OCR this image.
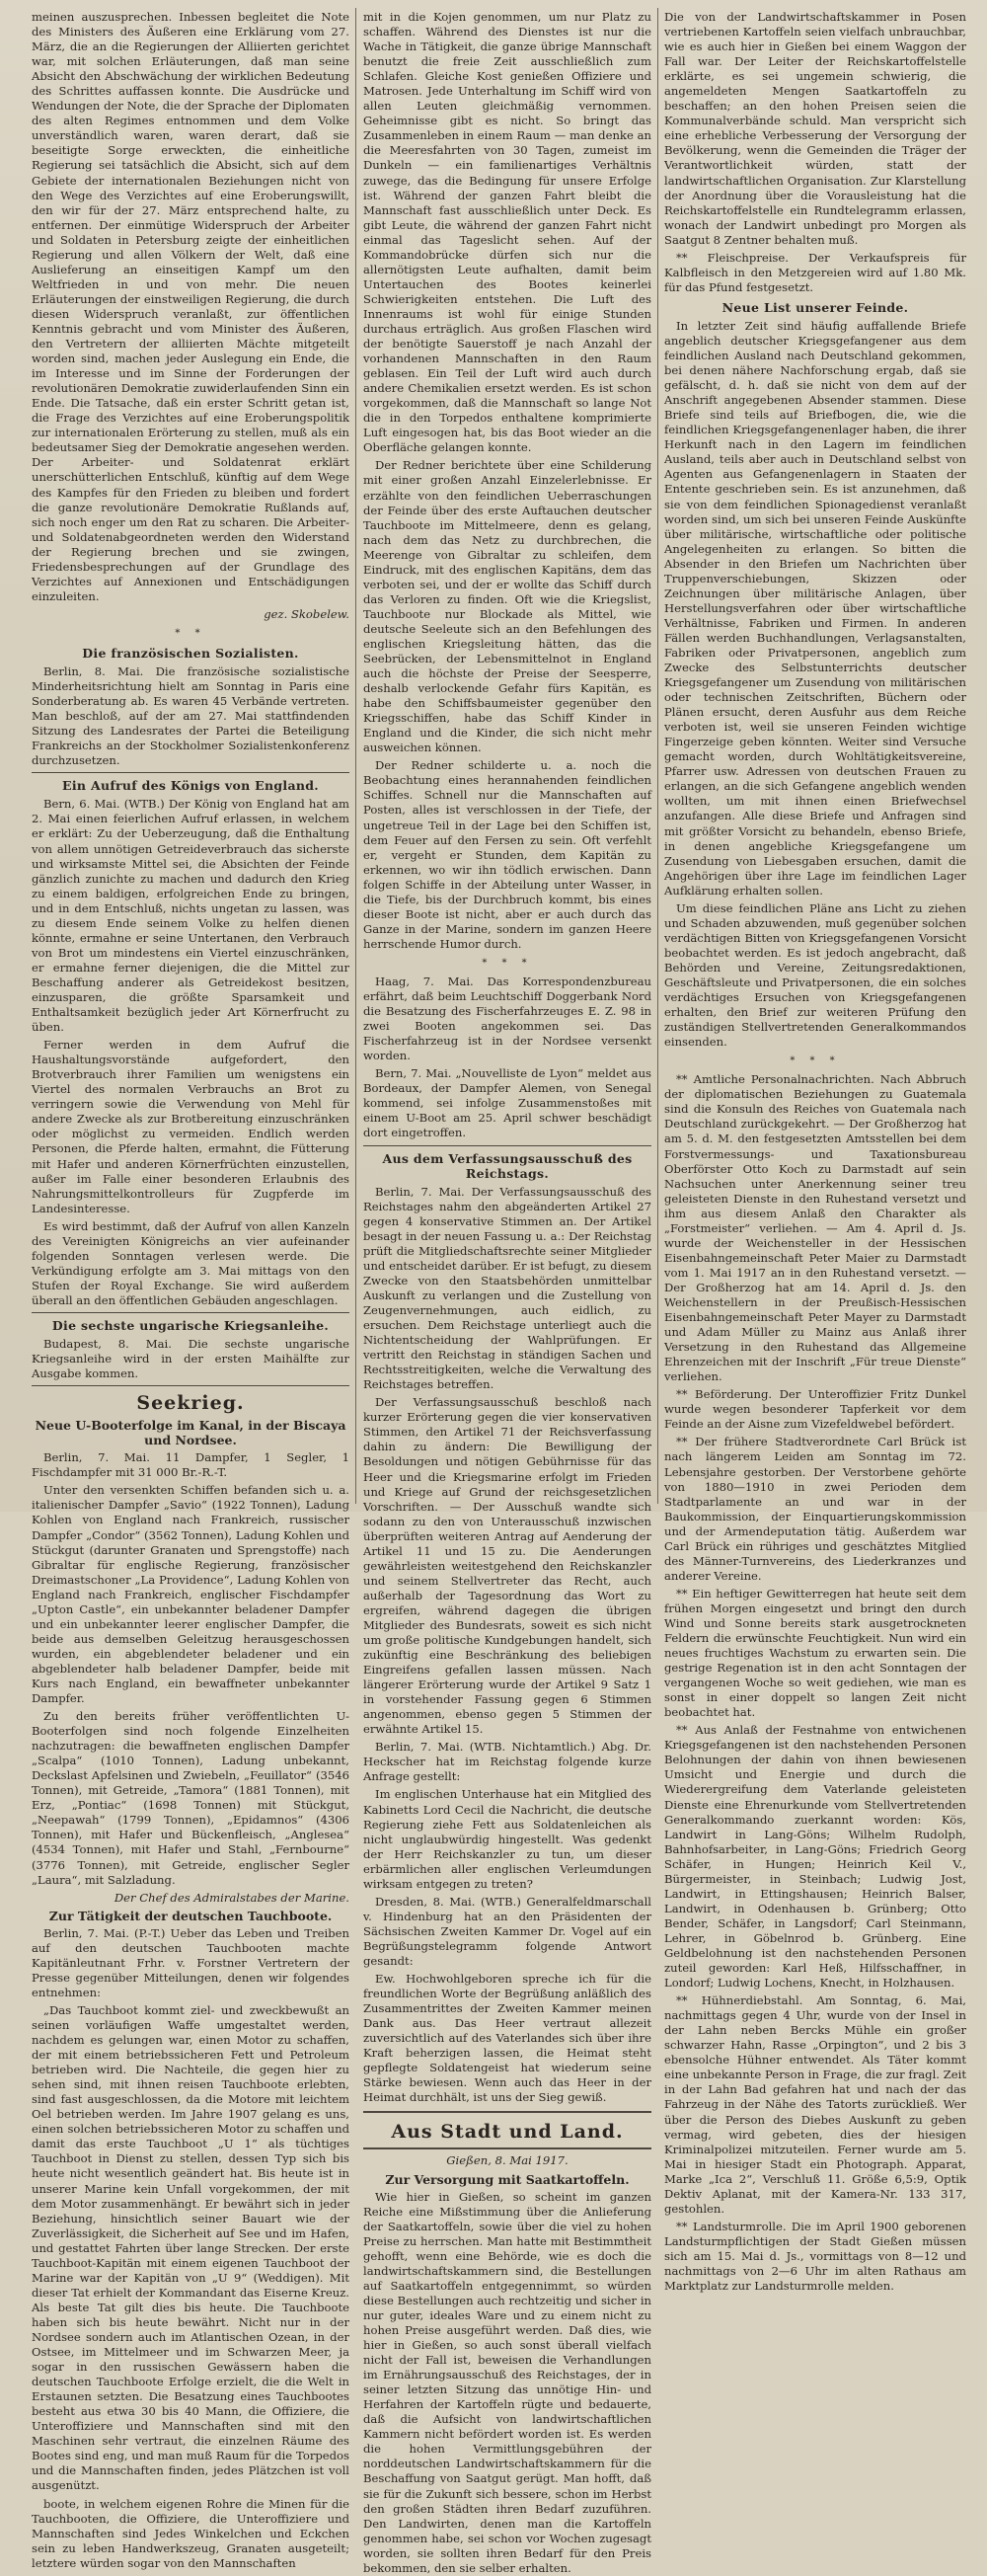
meinen auszusprechen. Inbessen begleitet die Note des Ministers des Äußeren eine Erklärung vom 27. März, die an die Regierungen der Alliierten gerichtet war, mit solchen Erläuterungen, daß man seine Absicht den Abschwächung der wirklichen Bedeutung des Schrittes auffassen konnte. Die Ausdrücke und Wendungen der Note, die der Sprache der Diplomaten des alten Regimes entnommen und dem Volke unverständlich waren, waren derart, daß sie beseitigte Sorge erweckten, die einheitliche Regierung sei tatsächlich die Absicht, sich auf dem Gebiete der internationalen Beziehungen nicht von den Wege des Verzichtes auf eine Eroberungswillt, den wir für der 27. März entsprechend halte, zu entfernen. Der einmütige Widerspruch der Arbeiter und Soldaten in Petersburg zeigte der einheitlichen Regierung und allen Völkern der Welt, daß eine Auslieferung an einseitigen Kampf um den Weltfrieden in und von mehr. Die neuen Erläuterungen der einstweiligen Regierung, die durch diesen Widerspruch veranlaßt, zur öffentlichen Kenntnis gebracht und vom Minister des Äußeren, den Vertretern der alliierten Mächte mitgeteilt worden sind, machen jeder Auslegung ein Ende, die im Interesse und im Sinne der Forderungen der revolutionären Demokratie zuwiderlaufenden Sinn ein Ende. Die Tatsache, daß ein erster Schritt getan ist, die Frage des Verzichtes auf eine Eroberungspolitik zur internationalen Erörterung zu stellen, muß als ein bedeutsamer Sieg der Demokratie angesehen werden. Der Arbeiter- und Soldatenrat erklärt unerschütterlichen Entschluß, künftig auf dem Wege des Kampfes für den Frieden zu bleiben und fordert die ganze revolutionäre Demokratie Rußlands auf, sich noch enger um den Rat zu scharen. Die Arbeiter- und Soldatenabgeordneten werden den Widerstand der Regierung brechen und sie zwingen, Friedensbesprechungen auf der Grundlage des Verzichtes auf Annexionen und Entschädigungen einzuleiten.

gez. Skobelew.
* *
Die französischen Sozialisten.

Berlin, 8. Mai. Die französische sozialistische Minderheitsrichtung hielt am Sonntag in Paris eine Sonderberatung ab. Es waren 45 Verbände vertreten. Man beschloß, auf der am 27. Mai stattfindenden Sitzung des Landesrates der Partei die Beteiligung Frankreichs an der Stockholmer Sozialistenkonferenz durchzusetzen.

Ein Aufruf des Königs von England.

Bern, 6. Mai. (WTB.) Der König von England hat am 2. Mai einen feierlichen Aufruf erlassen, in welchem er erklärt: Zu der Ueberzeugung, daß die Enthaltung von allem unnötigen Getreideverbrauch das sicherste und wirksamste Mittel sei, die Absichten der Feinde gänzlich zunichte zu machen und dadurch den Krieg zu einem baldigen, erfolgreichen Ende zu bringen, und in dem Entschluß, nichts ungetan zu lassen, was zu diesem Ende seinem Volke zu helfen dienen könnte, ermahne er seine Untertanen, den Verbrauch von Brot um mindestens ein Viertel einzuschränken, er ermahne ferner diejenigen, die die Mittel zur Beschaffung anderer als Getreidekost besitzen, einzusparen, die größte Sparsamkeit und Enthaltsamkeit bezüglich jeder Art Körnerfrucht zu üben.

Ferner werden in dem Aufruf die Haushaltungsvorstände aufgefordert, den Brotverbrauch ihrer Familien um wenigstens ein Viertel des normalen Verbrauchs an Brot zu verringern sowie die Verwendung von Mehl für andere Zwecke als zur Brotbereitung einzuschränken oder möglichst zu vermeiden. Endlich werden Personen, die Pferde halten, ermahnt, die Fütterung mit Hafer und anderen Körnerfrüchten einzustellen, außer im Falle einer besonderen Erlaubnis des Nahrungsmittelkontrolleurs für Zugpferde im Landesinteresse.

Es wird bestimmt, daß der Aufruf von allen Kanzeln des Vereinigten Königreichs an vier aufeinander folgenden Sonntagen verlesen werde. Die Verkündigung erfolgte am 3. Mai mittags von den Stufen der Royal Exchange. Sie wird außerdem überall an den öffentlichen Gebäuden angeschlagen.

Die sechste ungarische Kriegsanleihe.

Budapest, 8. Mai. Die sechste ungarische Kriegsanleihe wird in der ersten Maihälfte zur Ausgabe kommen.

Seekrieg.
Neue U-Booterfolge im Kanal, in der Biscaya und Nordsee.

Berlin, 7. Mai. 11 Dampfer, 1 Segler, 1 Fischdampfer mit 31 000 Br.-R.-T.

Unter den versenkten Schiffen befanden sich u. a. italienischer Dampfer „Savio“ (1922 Tonnen), Ladung Kohlen von England nach Frankreich, russischer Dampfer „Condor“ (3562 Tonnen), Ladung Kohlen und Stückgut (darunter Granaten und Sprengstoffe) nach Gibraltar für englische Regierung, französischer Dreimastschoner „La Providence“, Ladung Kohlen von England nach Frankreich, englischer Fischdampfer „Upton Castle“, ein unbekannter beladener Dampfer und ein unbekannter leerer englischer Dampfer, die beide aus demselben Geleitzug herausgeschossen wurden, ein abgeblendeter beladener und ein abgeblendeter halb beladener Dampfer, beide mit Kurs nach England, ein bewaffneter unbekannter Dampfer.

Zu den bereits früher veröffentlichten U-Booterfolgen sind noch folgende Einzelheiten nachzutragen: die bewaffneten englischen Dampfer „Scalpa“ (1010 Tonnen), Ladung unbekannt, Deckslast Apfelsinen und Zwiebeln, „Feuillator“ (3546 Tonnen), mit Getreide, „Tamora“ (1881 Tonnen), mit Erz, „Pontiac“ (1698 Tonnen) mit Stückgut, „Neepawah“ (1799 Tonnen), „Epidamnos“ (4306 Tonnen), mit Hafer und Bückenfleisch, „Anglesea“ (4534 Tonnen), mit Hafer und Stahl, „Fernbourne“ (3776 Tonnen), mit Getreide, englischer Segler „Laura“, mit Salzladung.

Der Chef des Admiralstabes der Marine.
Zur Tätigkeit der deutschen Tauchboote.

Berlin, 7. Mai. (P.-T.) Ueber das Leben und Treiben auf den deutschen Tauchbooten machte Kapitänleutnant Frhr. v. Forstner Vertretern der Presse gegenüber Mitteilungen, denen wir folgendes entnehmen:

„Das Tauchboot kommt ziel- und zweckbewußt an seinen vorläufigen Waffe umgestaltet werden, nachdem es gelungen war, einen Motor zu schaffen, der mit einem betriebssicheren Fett und Petroleum betrieben wird. Die Nachteile, die gegen hier zu sehen sind, mit ihnen reisen Tauchboote erlebten, sind fast ausgeschlossen, da die Motore mit leichtem Oel betrieben werden. Im Jahre 1907 gelang es uns, einen solchen betriebssicheren Motor zu schaffen und damit das erste Tauchboot „U 1“ als tüchtiges Tauchboot in Dienst zu stellen, dessen Typ sich bis heute nicht wesentlich geändert hat. Bis heute ist in unserer Marine kein Unfall vorgekommen, der mit dem Motor zusammenhängt. Er bewährt sich in jeder Beziehung, hinsichtlich seiner Bauart wie der Zuverlässigkeit, die Sicherheit auf See und im Hafen, und gestattet Fahrten über lange Strecken. Der erste Tauchboot-Kapitän mit einem eigenen Tauchboot der Marine war der Kapitän von „U 9“ (Weddigen). Mit dieser Tat erhielt der Kommandant das Eiserne Kreuz. Als beste Tat gilt dies bis heute. Die Tauchboote haben sich bis heute bewährt. Nicht nur in der Nordsee sondern auch im Atlantischen Ozean, in der Ostsee, im Mittelmeer und im Schwarzen Meer, ja sogar in den russischen Gewässern haben die deutschen Tauchboote Erfolge erzielt, die die Welt in Erstaunen setzten. Die Besatzung eines Tauchbootes besteht aus etwa 30 bis 40 Mann, die Offiziere, die Unteroffiziere und Mannschaften sind mit den Maschinen sehr vertraut, die einzelnen Räume des Bootes sind eng, und man muß Raum für die Torpedos und die Mannschaften finden, jedes Plätzchen ist voll ausgenützt.

boote, in welchem eigenen Rohre die Minen für die Tauchbooten, die Offiziere, die Unteroffiziere und Mannschaften sind Jedes Winkelchen und Eckchen sein zu leben Handwerkszeug, Granaten ausgeteilt; letztere würden sogar von den Mannschaften

mit in die Kojen genommen, um nur Platz zu schaffen. Während des Dienstes ist nur die Wache in Tätigkeit, die ganze übrige Mannschaft benutzt die freie Zeit ausschließlich zum Schlafen. Gleiche Kost genießen Offiziere und Matrosen. Jede Unterhaltung im Schiff wird von allen Leuten gleichmäßig vernommen. Geheimnisse gibt es nicht. So bringt das Zusammenleben in einem Raum — man denke an die Meeresfahrten von 30 Tagen, zumeist im Dunkeln — ein familienartiges Verhältnis zuwege, das die Bedingung für unsere Erfolge ist. Während der ganzen Fahrt bleibt die Mannschaft fast ausschließlich unter Deck. Es gibt Leute, die während der ganzen Fahrt nicht einmal das Tageslicht sehen. Auf der Kommandobrücke dürfen sich nur die allernötigsten Leute aufhalten, damit beim Untertauchen des Bootes keinerlei Schwierigkeiten entstehen. Die Luft des Innenraums ist wohl für einige Stunden durchaus erträglich. Aus großen Flaschen wird der benötigte Sauerstoff je nach Anzahl der vorhandenen Mannschaften in den Raum geblasen. Ein Teil der Luft wird auch durch andere Chemikalien ersetzt werden. Es ist schon vorgekommen, daß die Mannschaft so lange Not die in den Torpedos enthaltene komprimierte Luft eingesogen hat, bis das Boot wieder an die Oberfläche gelangen konnte.

Der Redner berichtete über eine Schilderung mit einer großen Anzahl Einzelerlebnisse. Er erzählte von den feindlichen Ueberraschungen der Feinde über des erste Auftauchen deutscher Tauchboote im Mittelmeere, denn es gelang, nach dem das Netz zu durchbrechen, die Meerenge von Gibraltar zu schleifen, dem Eindruck, mit des englischen Kapitäns, dem das verboten sei, und der er wollte das Schiff durch das Verloren zu finden. Oft wie die Kriegslist, Tauchboote nur Blockade als Mittel, wie deutsche Seeleute sich an den Befehlungen des englischen Kriegsleitung hätten, das die Seebrücken, der Lebensmittelnot in England auch die höchste der Preise der Seesperre, deshalb verlockende Gefahr fürs Kapitän, es habe den Schiffsbaumeister gegenüber den Kriegsschiffen, habe das Schiff Kinder in England und die Kinder, die sich nicht mehr ausweichen können.

Der Redner schilderte u. a. noch die Beobachtung eines herannahenden feindlichen Schiffes. Schnell nur die Mannschaften auf Posten, alles ist verschlossen in der Tiefe, der ungetreue Teil in der Lage bei den Schiffen ist, dem Feuer auf den Fersen zu sein. Oft verfehlt er, vergeht er Stunden, dem Kapitän zu erkennen, wo wir ihn tödlich erwischen. Dann folgen Schiffe in der Abteilung unter Wasser, in die Tiefe, bis der Durchbruch kommt, bis eines dieser Boote ist nicht, aber er auch durch das Ganze in der Marine, sondern im ganzen Heere herrschende Humor durch.

* * *

Haag, 7. Mai. Das Korrespondenzbureau erfährt, daß beim Leuchtschiff Doggerbank Nord die Besatzung des Fischerfahrzeuges E. Z. 98 in zwei Booten angekommen sei. Das Fischerfahrzeug ist in der Nordsee versenkt worden.

Bern, 7. Mai. „Nouvelliste de Lyon“ meldet aus Bordeaux, der Dampfer Alemen, von Senegal kommend, sei infolge Zusammenstoßes mit einem U-Boot am 25. April schwer beschädigt dort eingetroffen.

Aus dem Verfassungsausschuß des Reichstags.

Berlin, 7. Mai. Der Verfassungsausschuß des Reichstages nahm den abgeänderten Artikel 27 gegen 4 konservative Stimmen an. Der Artikel besagt in der neuen Fassung u. a.: Der Reichstag prüft die Mitgliedschaftsrechte seiner Mitglieder und entscheidet darüber. Er ist befugt, zu diesem Zwecke von den Staatsbehörden unmittelbar Auskunft zu verlangen und die Zustellung von Zeugenvernehmungen, auch eidlich, zu ersuchen. Dem Reichstage unterliegt auch die Nichtentscheidung der Wahlprüfungen. Er vertritt den Reichstag in ständigen Sachen und Rechtsstreitigkeiten, welche die Verwaltung des Reichstages betreffen.

Der Verfassungsausschuß beschloß nach kurzer Erörterung gegen die vier konservativen Stimmen, den Artikel 71 der Reichsverfassung dahin zu ändern: Die Bewilligung der Besoldungen und nötigen Gebührnisse für das Heer und die Kriegsmarine erfolgt im Frieden und Kriege auf Grund der reichsgesetzlichen Vorschriften. — Der Ausschuß wandte sich sodann zu den von Unterausschuß inzwischen überprüften weiteren Antrag auf Aenderung der Artikel 11 und 15 zu. Die Aenderungen gewährleisten weitestgehend den Reichskanzler und seinem Stellvertreter das Recht, auch außerhalb der Tagesordnung das Wort zu ergreifen, während dagegen die übrigen Mitglieder des Bundesrats, soweit es sich nicht um große politische Kundgebungen handelt, sich zukünftig eine Beschränkung des beliebigen Eingreifens gefallen lassen müssen. Nach längerer Erörterung wurde der Artikel 9 Satz 1 in vorstehender Fassung gegen 6 Stimmen angenommen, ebenso gegen 5 Stimmen der erwähnte Artikel 15.

Berlin, 7. Mai. (WTB. Nichtamtlich.) Abg. Dr. Heckscher hat im Reichstag folgende kurze Anfrage gestellt:

Im englischen Unterhause hat ein Mitglied des Kabinetts Lord Cecil die Nachricht, die deutsche Regierung ziehe Fett aus Soldatenleichen als nicht unglaubwürdig hingestellt. Was gedenkt der Herr Reichskanzler zu tun, um dieser erbärmlichen aller englischen Verleumdungen wirksam entgegen zu treten?

Dresden, 8. Mai. (WTB.) Generalfeldmarschall v. Hindenburg hat an den Präsidenten der Sächsischen Zweiten Kammer Dr. Vogel auf ein Begrüßungstelegramm folgende Antwort gesandt:

Ew. Hochwohlgeboren spreche ich für die freundlichen Worte der Begrüßung anläßlich des Zusammentrittes der Zweiten Kammer meinen Dank aus. Das Heer vertraut allezeit zuversichtlich auf des Vaterlandes sich über ihre Kraft beherzigen lassen, die Heimat steht gepflegte Soldatengeist hat wiederum seine Stärke bewiesen. Wenn auch das Heer in der Heimat durchhält, ist uns der Sieg gewiß.

Aus Stadt und Land.
Gießen, 8. Mai 1917.
Zur Versorgung mit Saatkartoffeln.

Wie hier in Gießen, so scheint im ganzen Reiche eine Mißstimmung über die Anlieferung der Saatkartoffeln, sowie über die viel zu hohen Preise zu herrschen. Man hatte mit Bestimmtheit gehofft, wenn eine Behörde, wie es doch die landwirtschaftskammern sind, die Bestellungen auf Saatkartoffeln entgegennimmt, so würden diese Bestellungen auch rechtzeitig und sicher in nur guter, ideales Ware und zu einem nicht zu hohen Preise ausgeführt werden. Daß dies, wie hier in Gießen, so auch sonst überall vielfach nicht der Fall ist, beweisen die Verhandlungen im Ernährungsausschuß des Reichstages, der in seiner letzten Sitzung das unnötige Hin- und Herfahren der Kartoffeln rügte und bedauerte, daß die Aufsicht von landwirtschaftlichen Kammern nicht befördert worden ist. Es werden die hohen Vermittlungsgebühren der norddeutschen Landwirtschaftskammern für die Beschaffung von Saatgut gerügt. Man hofft, daß sie für die Zukunft sich bessere, schon im Herbst den großen Städten ihren Bedarf zuzuführen. Den Landwirten, denen man die Kartoffeln genommen habe, sei schon vor Wochen zugesagt worden, sie sollten ihren Bedarf für den Preis bekommen, den sie selber erhalten.

Die von der Landwirtschaftskammer in Posen vertriebenen Kartoffeln seien vielfach unbrauchbar, wie es auch hier in Gießen bei einem Waggon der Fall war. Der Leiter der Reichskartoffelstelle erklärte, es sei ungemein schwierig, die angemeldeten Mengen Saatkartoffeln zu beschaffen; an den hohen Preisen seien die Kommunalverbände schuld. Man verspricht sich eine erhebliche Verbesserung der Versorgung der Bevölkerung, wenn die Gemeinden die Träger der Verantwortlichkeit würden, statt der landwirtschaftlichen Organisation. Zur Klarstellung der Anordnung über die Vorausleistung hat die Reichskartoffelstelle ein Rundtelegramm erlassen, wonach der Landwirt unbedingt pro Morgen als Saatgut 8 Zentner behalten muß.

** Fleischpreise. Der Verkaufspreis für Kalbfleisch in den Metzgereien wird auf 1.80 Mk. für das Pfund festgesetzt.

Neue List unserer Feinde.

In letzter Zeit sind häufig auffallende Briefe angeblich deutscher Kriegsgefangener aus dem feindlichen Ausland nach Deutschland gekommen, bei denen nähere Nachforschung ergab, daß sie gefälscht, d. h. daß sie nicht von dem auf der Anschrift angegebenen Absender stammen. Diese Briefe sind teils auf Briefbogen, die, wie die feindlichen Kriegsgefangenenlager haben, die ihrer Herkunft nach in den Lagern im feindlichen Ausland, teils aber auch in Deutschland selbst von Agenten aus Gefangenenlagern in Staaten der Entente geschrieben sein. Es ist anzunehmen, daß sie von dem feindlichen Spionagedienst veranlaßt worden sind, um sich bei unseren Feinde Auskünfte über militärische, wirtschaftliche oder politische Angelegenheiten zu erlangen. So bitten die Absender in den Briefen um Nachrichten über Truppenverschiebungen, Skizzen oder Zeichnungen über militärische Anlagen, über Herstellungsverfahren oder über wirtschaftliche Verhältnisse, Fabriken und Firmen. In anderen Fällen werden Buchhandlungen, Verlagsanstalten, Fabriken oder Privatpersonen, angeblich zum Zwecke des Selbstunterrichts deutscher Kriegsgefangener um Zusendung von militärischen oder technischen Zeitschriften, Büchern oder Plänen ersucht, deren Ausfuhr aus dem Reiche verboten ist, weil sie unseren Feinden wichtige Fingerzeige geben könnten. Weiter sind Versuche gemacht worden, durch Wohltätigkeitsvereine, Pfarrer usw. Adressen von deutschen Frauen zu erlangen, an die sich Gefangene angeblich wenden wollten, um mit ihnen einen Briefwechsel anzufangen. Alle diese Briefe und Anfragen sind mit größter Vorsicht zu behandeln, ebenso Briefe, in denen angebliche Kriegsgefangene um Zusendung von Liebesgaben ersuchen, damit die Angehörigen über ihre Lage im feindlichen Lager Aufklärung erhalten sollen.

Um diese feindlichen Pläne ans Licht zu ziehen und Schaden abzuwenden, muß gegenüber solchen verdächtigen Bitten von Kriegsgefangenen Vorsicht beobachtet werden. Es ist jedoch angebracht, daß Behörden und Vereine, Zeitungsredaktionen, Geschäftsleute und Privatpersonen, die ein solches verdächtiges Ersuchen von Kriegsgefangenen erhalten, den Brief zur weiteren Prüfung den zuständigen Stellvertretenden Generalkommandos einsenden.

* * *

** Amtliche Personalnachrichten. Nach Abbruch der diplomatischen Beziehungen zu Guatemala sind die Konsuln des Reiches von Guatemala nach Deutschland zurückgekehrt. — Der Großherzog hat am 5. d. M. den festgesetzten Amtsstellen bei dem Forstvermessungs- und Taxationsbureau Oberförster Otto Koch zu Darmstadt auf sein Nachsuchen unter Anerkennung seiner treu geleisteten Dienste in den Ruhestand versetzt und ihm aus diesem Anlaß den Charakter als „Forstmeister“ verliehen. — Am 4. April d. Js. wurde der Weichensteller in der Hessischen Eisenbahngemeinschaft Peter Maier zu Darmstadt vom 1. Mai 1917 an in den Ruhestand versetzt. — Der Großherzog hat am 14. April d. Js. den Weichenstellern in der Preußisch-Hessischen Eisenbahngemeinschaft Peter Mayer zu Darmstadt und Adam Müller zu Mainz aus Anlaß ihrer Versetzung in den Ruhestand das Allgemeine Ehrenzeichen mit der Inschrift „Für treue Dienste“ verliehen.

** Beförderung. Der Unteroffizier Fritz Dunkel wurde wegen besonderer Tapferkeit vor dem Feinde an der Aisne zum Vizefeldwebel befördert.

** Der frühere Stadtverordnete Carl Brück ist nach längerem Leiden am Sonntag im 72. Lebensjahre gestorben. Der Verstorbene gehörte von 1880—1910 in zwei Perioden dem Stadtparlamente an und war in der Baukommission, der Einquartierungskommission und der Armendeputation tätig. Außerdem war Carl Brück ein rühriges und geschätztes Mitglied des Männer-Turnvereins, des Liederkranzes und anderer Vereine.

** Ein heftiger Gewitterregen hat heute seit dem frühen Morgen eingesetzt und bringt den durch Wind und Sonne bereits stark ausgetrockneten Feldern die erwünschte Feuchtigkeit. Nun wird ein neues fruchtiges Wachstum zu erwarten sein. Die gestrige Regenation ist in den acht Sonntagen der vergangenen Woche so weit gediehen, wie man es sonst in einer doppelt so langen Zeit nicht beobachtet hat.

** Aus Anlaß der Festnahme von entwichenen Kriegsgefangenen ist den nachstehenden Personen Belohnungen der dahin von ihnen bewiesenen Umsicht und Energie und durch die Wiederergreifung dem Vaterlande geleisteten Dienste eine Ehrenurkunde vom Stellvertretenden Generalkommando zuerkannt worden: Kös, Landwirt in Lang-Göns; Wilhelm Rudolph, Bahnhofsarbeiter, in Lang-Göns; Friedrich Georg Schäfer, in Hungen; Heinrich Keil V., Bürgermeister, in Steinbach; Ludwig Jost, Landwirt, in Ettingshausen; Heinrich Balser, Landwirt, in Odenhausen b. Grünberg; Otto Bender, Schäfer, in Langsdorf; Carl Steinmann, Lehrer, in Göbelnrod b. Grünberg. Eine Geldbelohnung ist den nachstehenden Personen zuteil geworden: Karl Heß, Hilfsschaffner, in Londorf; Ludwig Lochens, Knecht, in Holzhausen.

** Hühnerdiebstahl. Am Sonntag, 6. Mai, nachmittags gegen 4 Uhr, wurde von der Insel in der Lahn neben Bercks Mühle ein großer schwarzer Hahn, Rasse „Orpington“, und 2 bis 3 ebensolche Hühner entwendet. Als Täter kommt eine unbekannte Person in Frage, die zur fragl. Zeit in der Lahn Bad gefahren hat und nach der das Fahrzeug in der Nähe des Tatorts zurückließ. Wer über die Person des Diebes Auskunft zu geben vermag, wird gebeten, dies der hiesigen Kriminalpolizei mitzuteilen. Ferner wurde am 5. Mai in hiesiger Stadt ein Photograph. Apparat, Marke „Ica 2“, Verschluß 11. Größe 6,5:9, Optik Dektiv Aplanat, mit der Kamera-Nr. 133 317, gestohlen.

** Landsturmrolle. Die im April 1900 geborenen Landsturmpflichtigen der Stadt Gießen müssen sich am 15. Mai d. Js., vormittags von 8—12 und nachmittags von 2—6 Uhr im alten Rathaus am Marktplatz zur Landsturmrolle melden.
